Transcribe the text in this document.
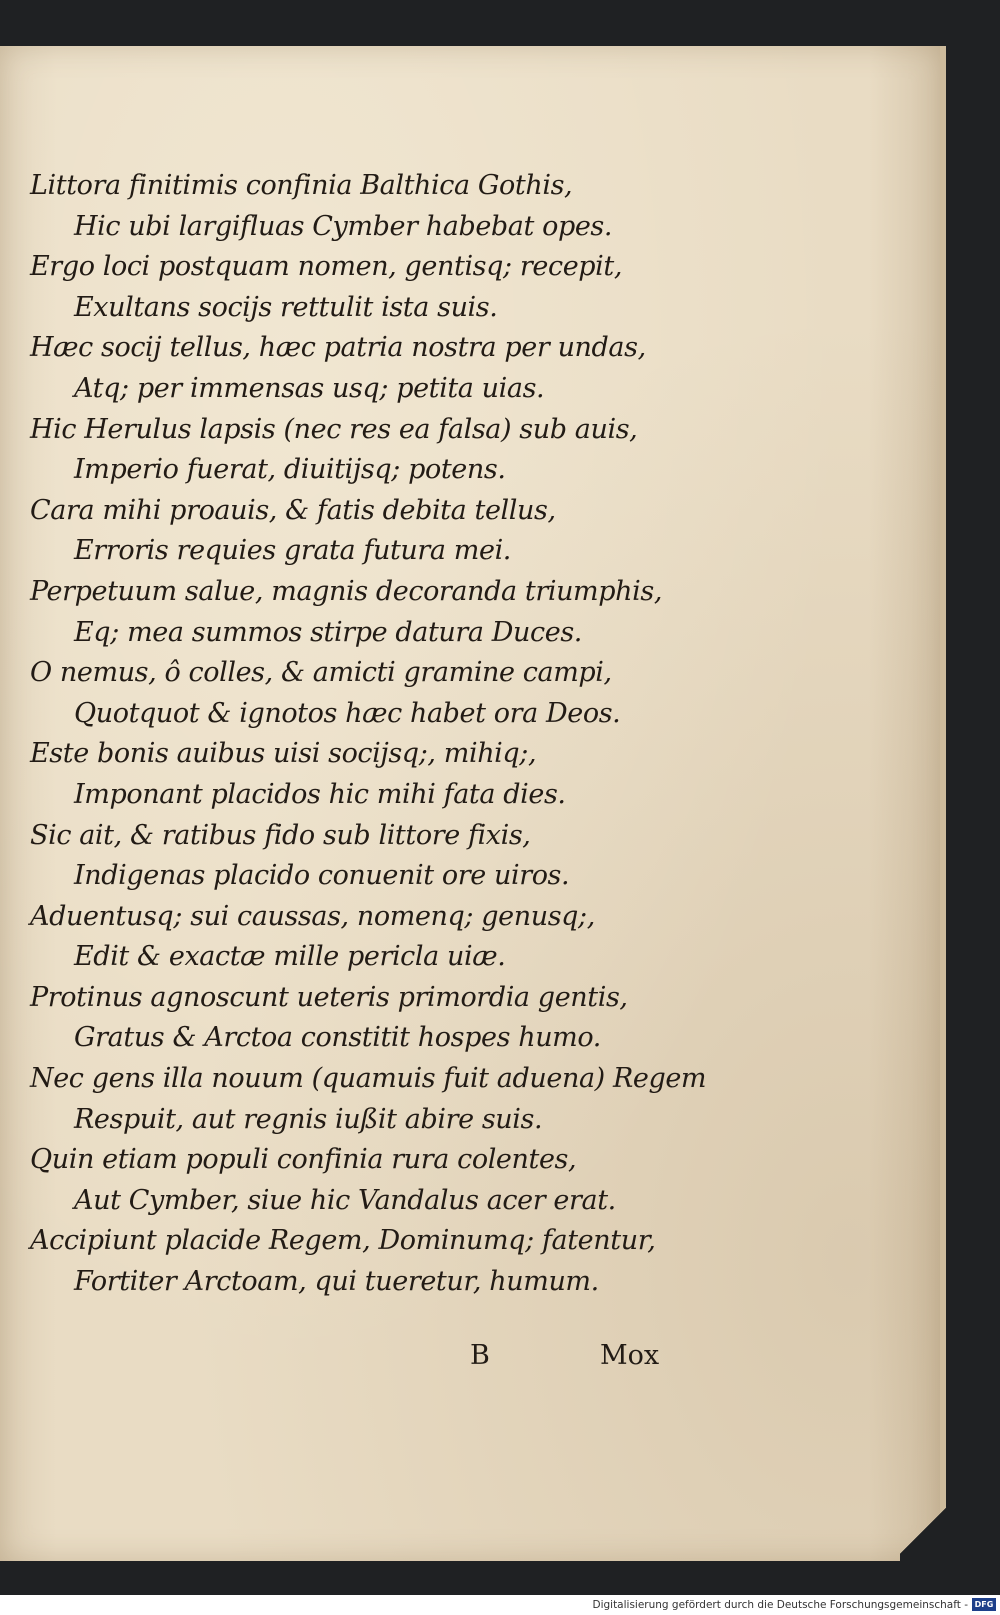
Littora finitimis confinia Balthica Gothis,
Hic ubi largifluas Cymber habebat opes.
Ergo loci postquam nomen, gentisq; recepit,
Exultans socijs rettulit ista suis.
Hæc socij tellus, hæc patria nostra per undas,
Atq; per immensas usq; petita uias.
Hic Herulus lapsis (nec res ea falsa) sub auis,
Imperio fuerat, diuitijsq; potens.
Cara mihi proauis, & fatis debita tellus,
Erroris requies grata futura mei.
Perpetuum salue, magnis decoranda triumphis,
Eq; mea summos stirpe datura Duces.
O nemus, ô colles, & amicti gramine campi,
Quotquot & ignotos hæc habet ora Deos.
Este bonis auibus uisi socijsq;, mihiq;,
Imponant placidos hic mihi fata dies.
Sic ait, & ratibus fido sub littore fixis,
Indigenas placido conuenit ore uiros.
Aduentusq; sui caussas, nomenq; genusq;,
Edit & exactæ mille pericla uiæ.
Protinus agnoscunt ueteris primordia gentis,
Gratus & Arctoa constitit hospes humo.
Nec gens illa nouum (quamuis fuit aduena) Regem
Respuit, aut regnis iußit abire suis.
Quin etiam populi confinia rura colentes,
Aut Cymber, siue hic Vandalus acer erat.
Accipiunt placide Regem, Dominumq; fatentur,
Fortiter Arctoam, qui tueretur, humum.
B	Mox
Digitalisierung gefördert durch die Deutsche Forschungsgemeinschaft - DFG
